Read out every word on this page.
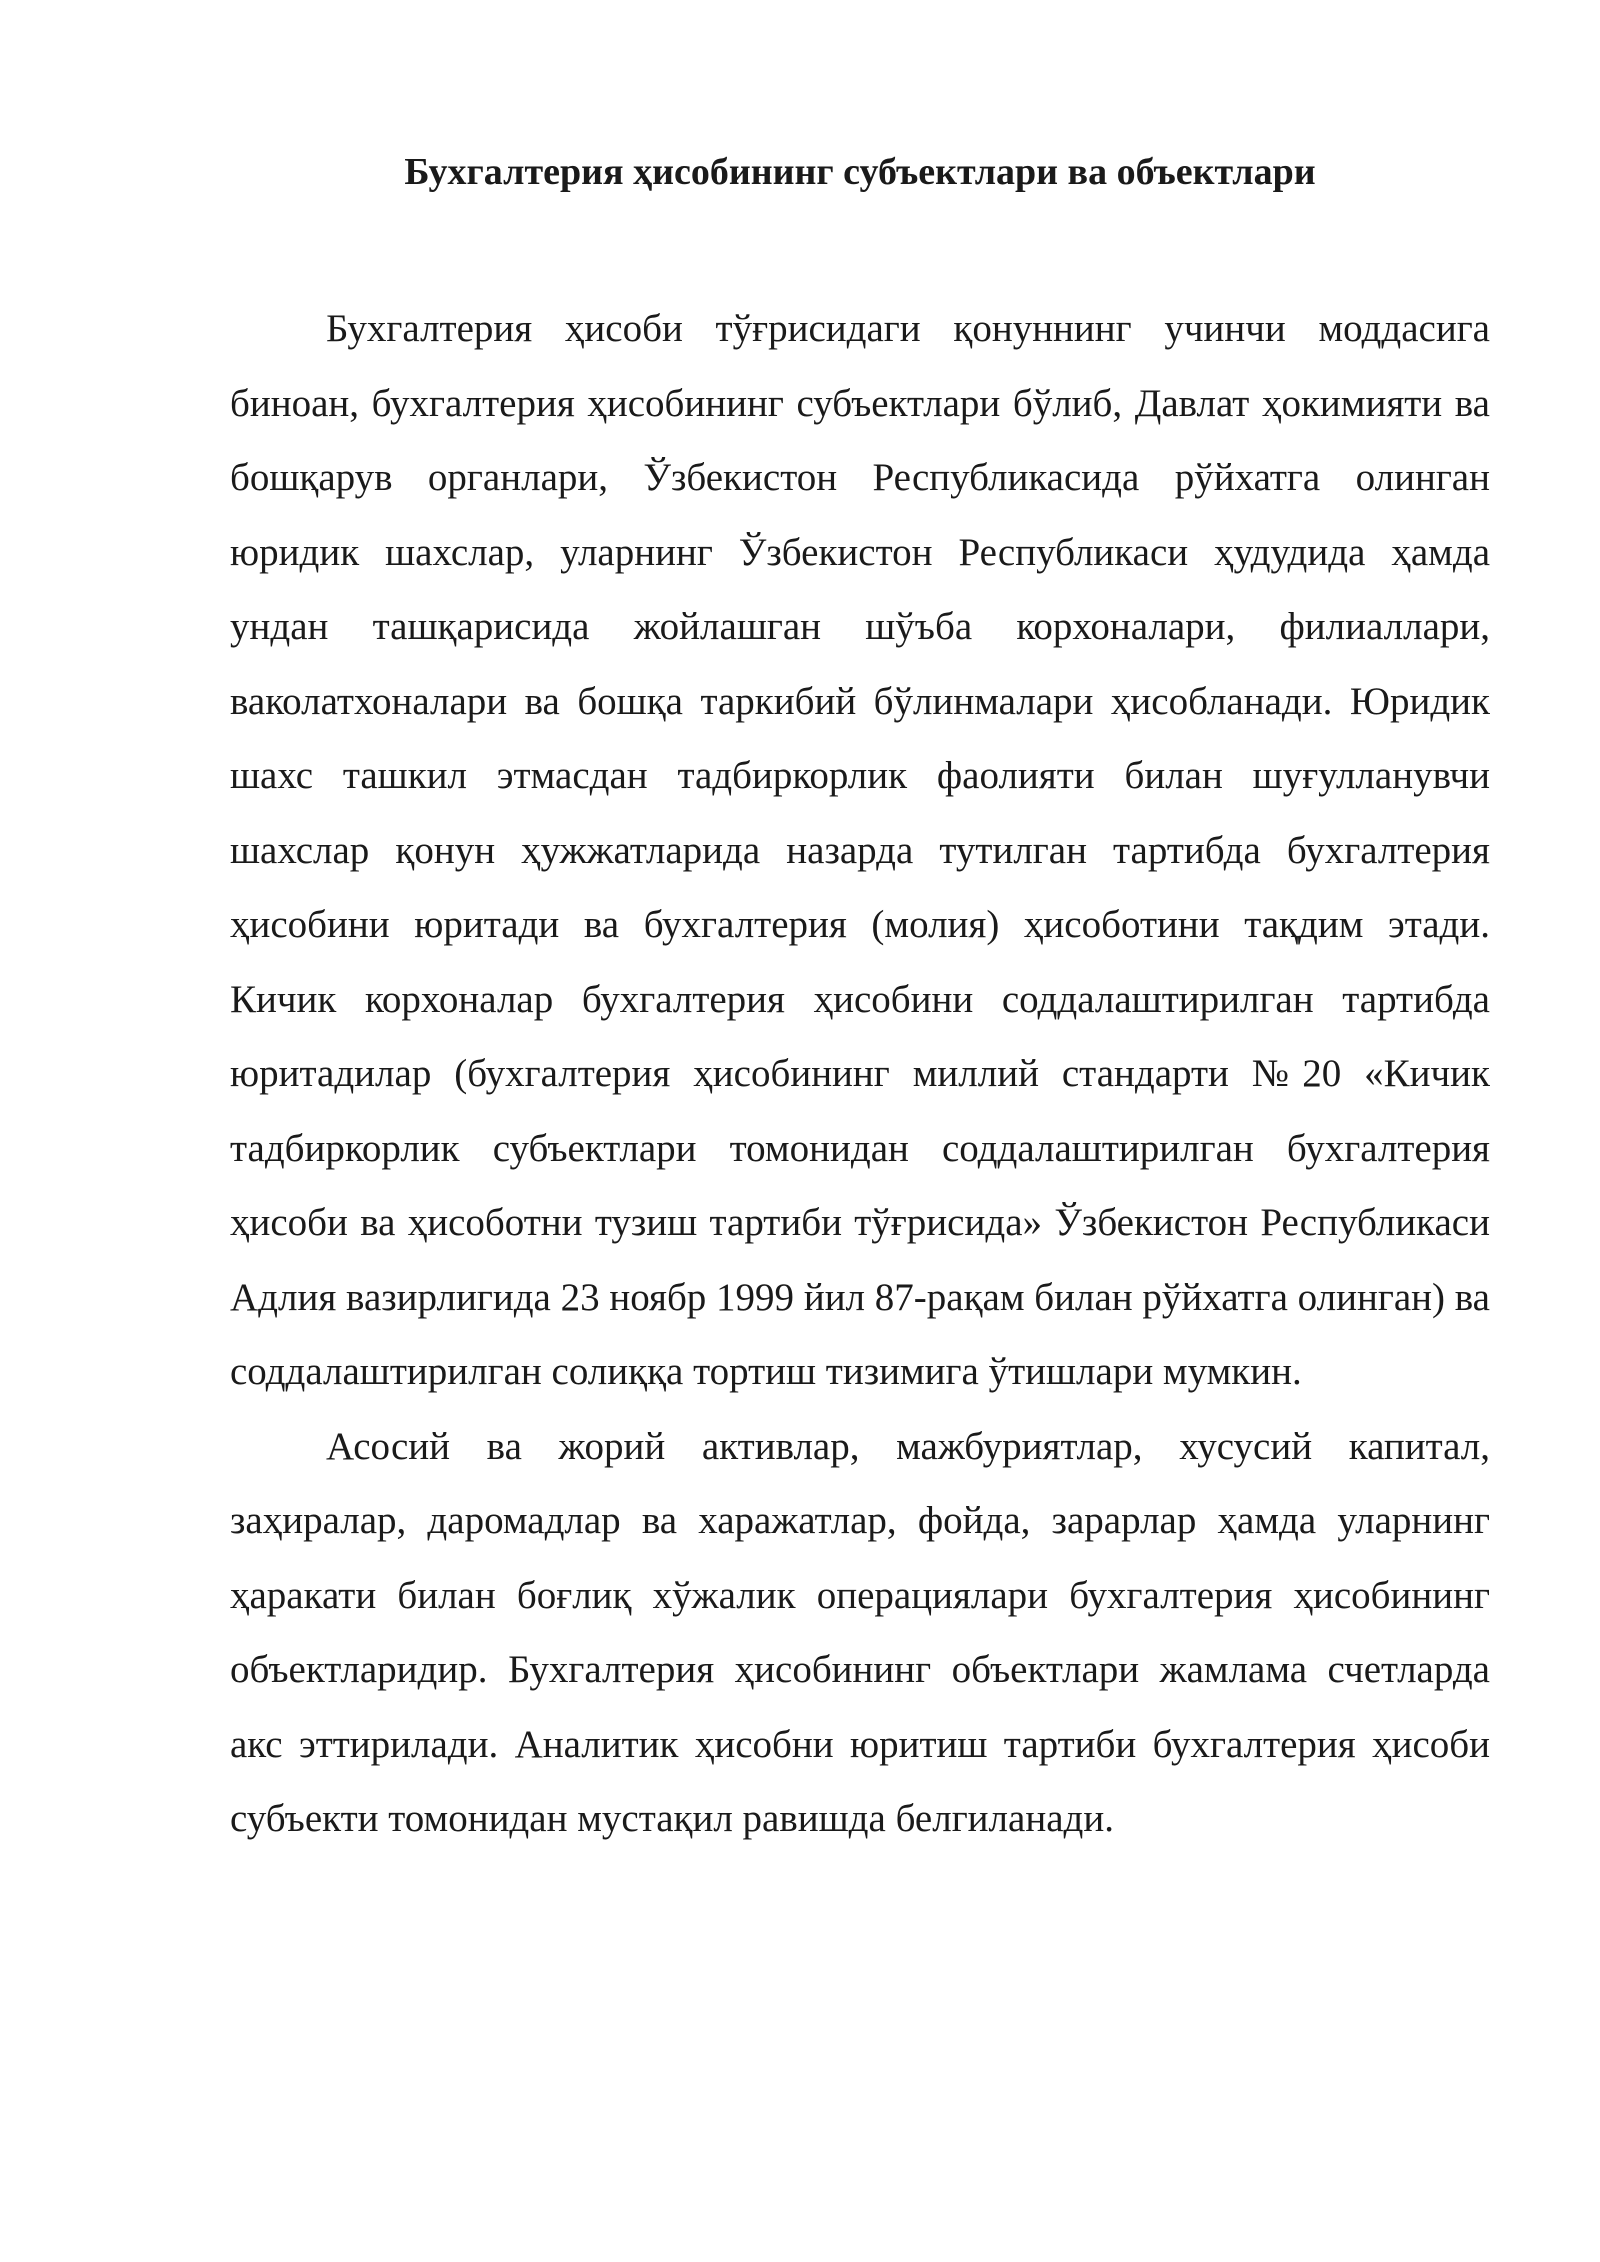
Бухгалтерия ҳисобининг субъектлари ва объектлари

Бухгалтерия ҳисоби тўғрисидаги қонуннинг учинчи моддасига биноан, бухгалтерия ҳисобининг субъектлари бўлиб, Давлат ҳокимияти ва бошқарув органлари, Ўзбекистон Республикасида рўйхатга олинган юридик шахслар, уларнинг Ўзбекистон Республикаси ҳудудида ҳамда ундан ташқарисида жойлашган шўъба корхоналари, филиаллари, ваколатхоналари ва бошқа таркибий бўлинмалари ҳисобланади. Юридик шахс ташкил этмасдан тадбиркорлик фаолияти билан шуғулланувчи шахслар қонун ҳужжатларида назарда тутилган тартибда бухгалтерия ҳисобини юритади ва бухгалтерия (молия) ҳисоботини тақдим этади. Кичик корхоналар бухгалтерия ҳисобини соддалаштирилган тартибда юритадилар (бухгалтерия ҳисобининг миллий стандарти №20 «Кичик тадбиркорлик субъектлари томонидан соддалаштирилган бухгалтерия ҳисоби ва ҳисоботни тузиш тартиби тўғрисида» Ўзбекистон Республикаси Адлия вазирлигида 23 ноябр 1999 йил 87-рақам билан рўйхатга олинган) ва соддалаштирилган солиққа тортиш тизимига ўтишлари мумкин.

Асосий ва жорий активлар, мажбуриятлар, хусусий капитал, заҳиралар, даромадлар ва харажатлар, фойда, зарарлар ҳамда уларнинг ҳаракати билан боғлиқ хўжалик операциялари бухгалтерия ҳисобининг объектларидир. Бухгалтерия ҳисобининг объектлари жамлама счетларда акс эттирилади. Аналитик ҳисобни юритиш тартиби бухгалтерия ҳисоби субъекти томонидан мустақил равишда белгиланади.
